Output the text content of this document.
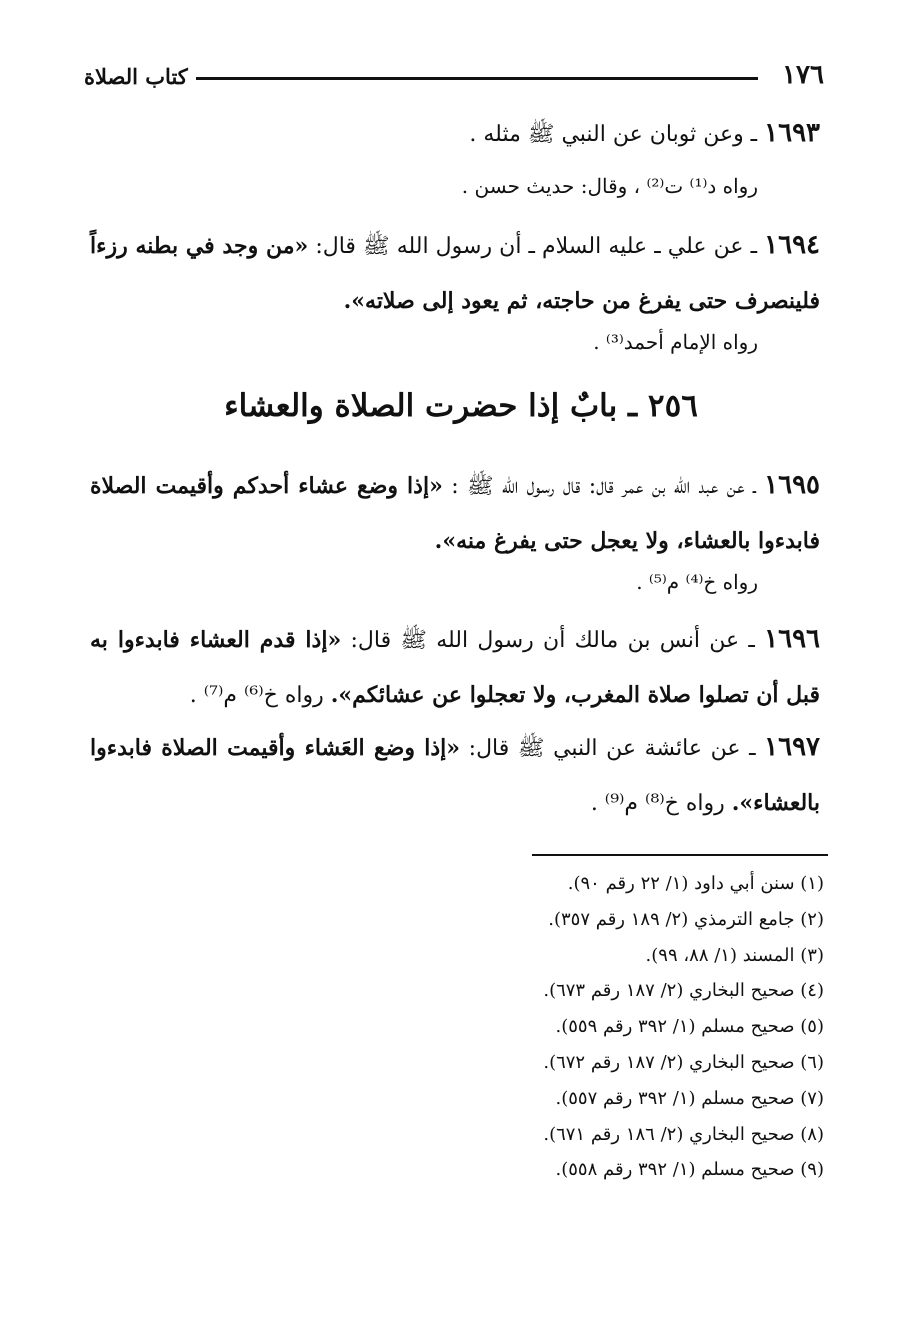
١٧٦
كتاب الصلاة
١٦٩٣ ـ وعن ثوبان عن النبي ﷺ مثله .
رواه د⁽¹⁾ ت⁽²⁾ ، وقال: حديث حسن .
١٦٩٤ ـ عن علي ـ عليه السلام ـ أن رسول الله ﷺ قال: «من وجد في بطنه رزءاً فلينصرف حتى يفرغ من حاجته، ثم يعود إلى صلاته».
رواه الإمام أحمد⁽³⁾ .
٢٥٦ ـ بابٌ إذا حضرت الصلاة والعشاء
١٦٩٥ ـ عن عبد الله بن عمر قال: قال رسول الله ﷺ : «إذا وضع عشاء أحدكم وأقيمت الصلاة فابدءوا بالعشاء، ولا يعجل حتى يفرغ منه».
رواه خ⁽⁴⁾ م⁽⁵⁾ .
١٦٩٦ ـ عن أنس بن مالك أن رسول الله ﷺ قال: «إذا قدم العشاء فابدءوا به قبل أن تصلوا صلاة المغرب، ولا تعجلوا عن عشائكم». رواه خ⁽⁶⁾ م⁽⁷⁾ .
١٦٩٧ ـ عن عائشة عن النبي ﷺ قال: «إذا وضع العَشاء وأقيمت الصلاة فابدءوا بالعشاء». رواه خ⁽⁸⁾ م⁽⁹⁾ .
(١) سنن أبي داود (١/ ٢٢ رقم ٩٠).
(٢) جامع الترمذي (٢/ ١٨٩ رقم ٣٥٧).
(٣) المسند (١/ ٨٨، ٩٩).
(٤) صحيح البخاري (٢/ ١٨٧ رقم ٦٧٣).
(٥) صحيح مسلم (١/ ٣٩٢ رقم ٥٥٩).
(٦) صحيح البخاري (٢/ ١٨٧ رقم ٦٧٢).
(٧) صحيح مسلم (١/ ٣٩٢ رقم ٥٥٧).
(٨) صحيح البخاري (٢/ ١٨٦ رقم ٦٧١).
(٩) صحيح مسلم (١/ ٣٩٢ رقم ٥٥٨).
